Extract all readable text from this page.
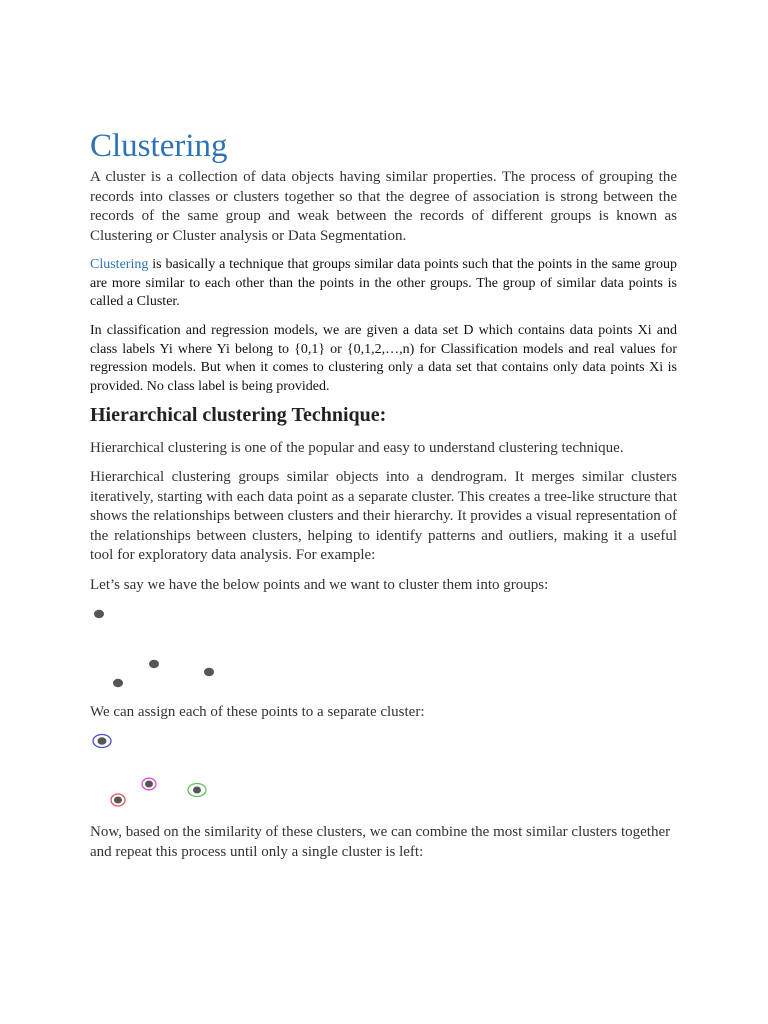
Clustering

A cluster is a collection of data objects having similar properties. The process of grouping the records into classes or clusters together so that the degree of association is strong between the records of the same group and weak between the records of different groups is known as Clustering or Cluster analysis or Data Segmentation.

Clustering is basically a technique that groups similar data points such that the points in the same group are more similar to each other than the points in the other groups. The group of similar data points is called a Cluster.

In classification and regression models, we are given a data set D which contains data points Xi and class labels Yi where Yi belong to {0,1} or {0,1,2,…,n) for Classification models and real values for regression models. But when it comes to clustering only a data set that contains only data points Xi is provided. No class label is being provided.

Hierarchical clustering Technique:

Hierarchical clustering is one of the popular and easy to understand clustering technique.

Hierarchical clustering groups similar objects into a dendrogram. It merges similar clusters iteratively, starting with each data point as a separate cluster. This creates a tree-like structure that shows the relationships between clusters and their hierarchy. It provides a visual representation of the relationships between clusters, helping to identify patterns and outliers, making it a useful tool for exploratory data analysis. For example:

Let’s say we have the below points and we want to cluster them into groups:

We can assign each of these points to a separate cluster:

Now, based on the similarity of these clusters, we can combine the most similar clusters together and repeat this process until only a single cluster is left:
